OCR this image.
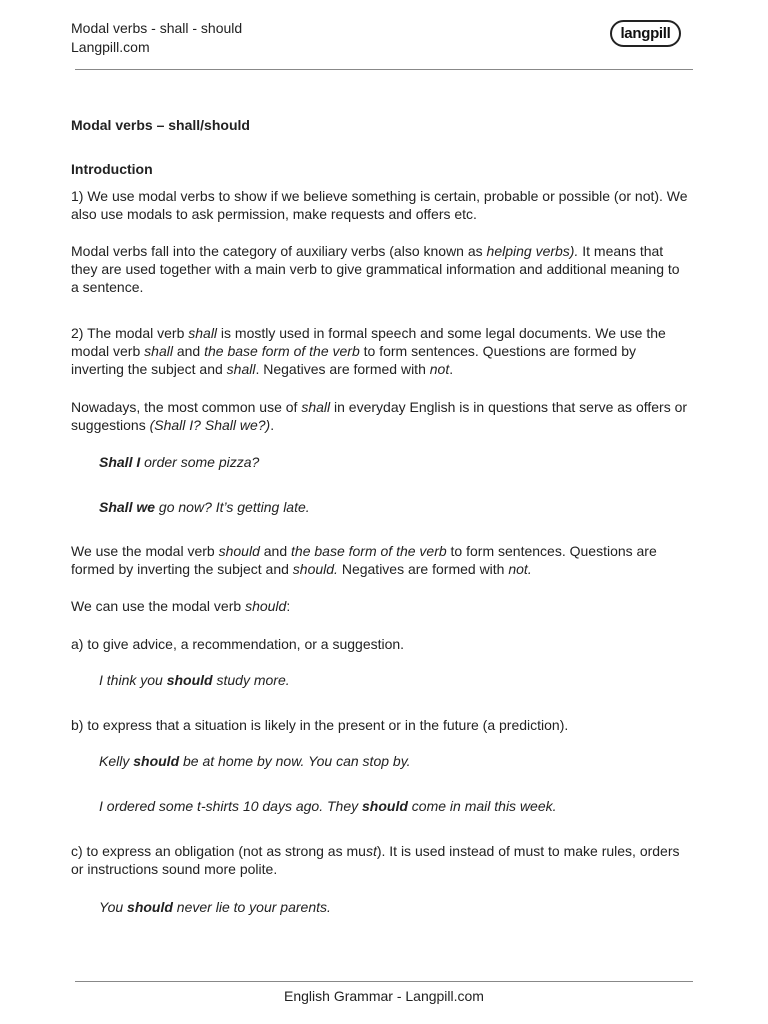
Modal verbs - shall - should
Langpill.com
langpill
Modal verbs – shall/should
Introduction
1) We use modal verbs to show if we believe something is certain, probable or possible (or not). We also use modals to ask permission, make requests and offers etc.
Modal verbs fall into the category of auxiliary verbs (also known as helping verbs). It means that they are used together with a main verb to give grammatical information and additional meaning to a sentence.
2) The modal verb shall is mostly used in formal speech and some legal documents. We use the modal verb shall and the base form of the verb to form sentences. Questions are formed by inverting the subject and shall. Negatives are formed with not.
Nowadays, the most common use of shall in everyday English is in questions that serve as offers or suggestions (Shall I? Shall we?).
Shall I order some pizza?
Shall we go now? It’s getting late.
We use the modal verb should and the base form of the verb to form sentences. Questions are formed by inverting the subject and should. Negatives are formed with not.
We can use the modal verb should:
a) to give advice, a recommendation, or a suggestion.
I think you should study more.
b) to express that a situation is likely in the present or in the future (a prediction).
Kelly should be at home by now. You can stop by.
I ordered some t-shirts 10 days ago. They should come in mail this week.
c) to express an obligation (not as strong as must). It is used instead of must to make rules, orders or instructions sound more polite.
You should never lie to your parents.
English Grammar - Langpill.com
